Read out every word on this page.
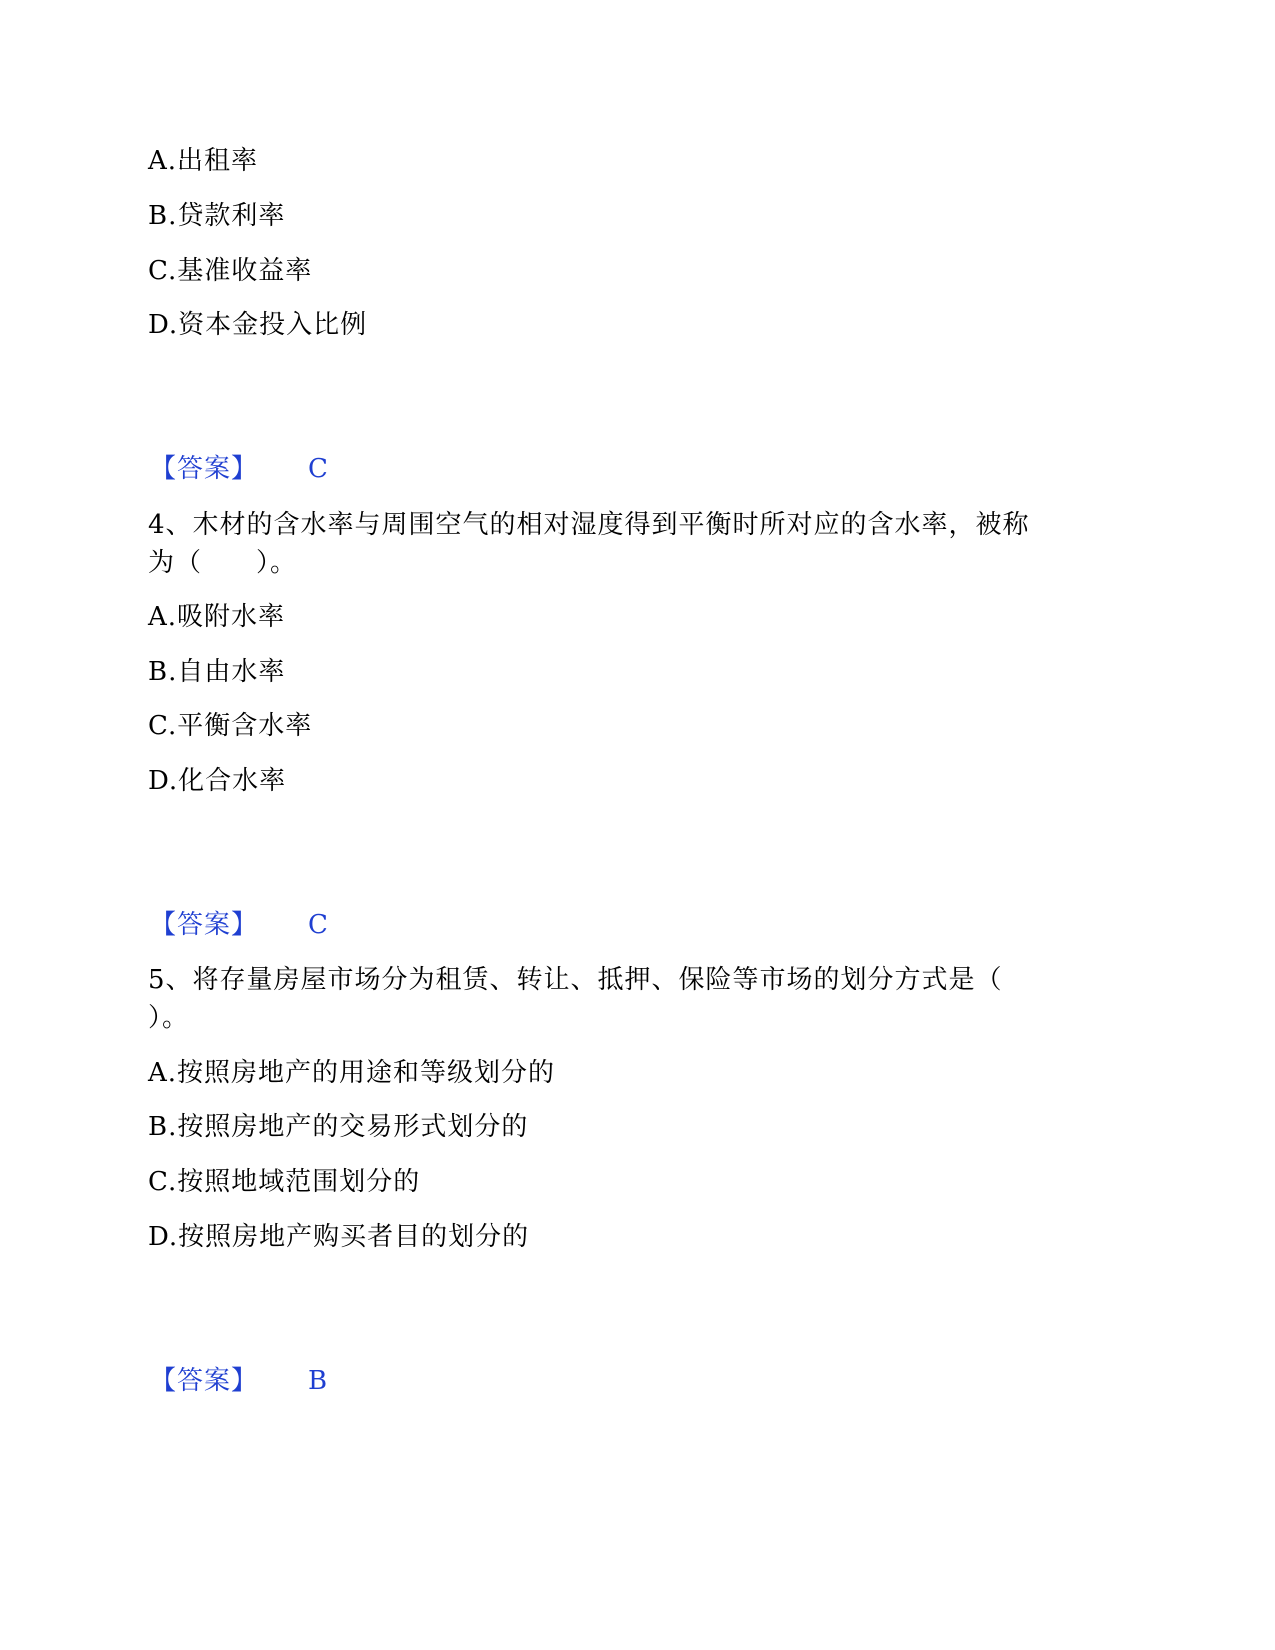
A.出租率
B.贷款利率
C.基准收益率
D.资本金投入比例
【答案】 C
4、木材的含水率与周围空气的相对湿度得到平衡时所对应的含水率，被称
为（　　）。
A.吸附水率
B.自由水率
C.平衡含水率
D.化合水率
【答案】 C
5、将存量房屋市场分为租赁、转让、抵押、保险等市场的划分方式是（
）。
A.按照房地产的用途和等级划分的
B.按照房地产的交易形式划分的
C.按照地域范围划分的
D.按照房地产购买者目的划分的
【答案】 B
